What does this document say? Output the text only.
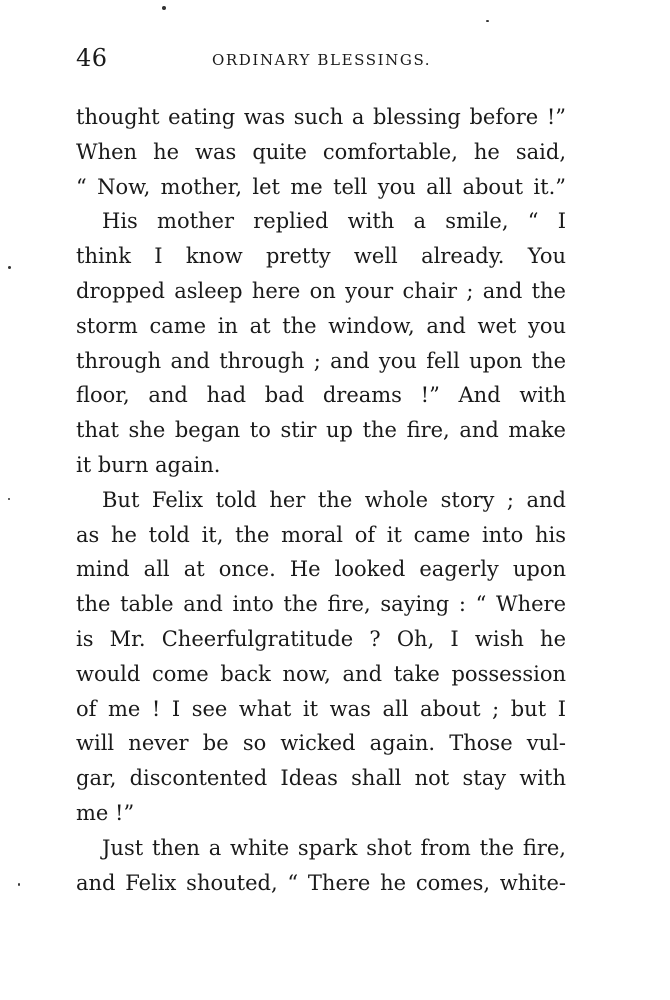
46	ORDINARY BLESSINGS.
thought eating was such a blessing before !”
When he was quite comfortable, he said,
“ Now, mother, let me tell you all about it.”
His mother replied with a smile, “ I
think I know pretty well already. You
dropped asleep here on your chair ; and the
storm came in at the window, and wet you
through and through ; and you fell upon the
floor, and had bad dreams !” And with
that she began to stir up the fire, and make
it burn again.
But Felix told her the whole story ; and
as he told it, the moral of it came into his
mind all at once. He looked eagerly upon
the table and into the fire, saying : “ Where
is Mr. Cheerfulgratitude ? Oh, I wish he
would come back now, and take possession
of me ! I see what it was all about ; but I
will never be so wicked again. Those vul-
gar, discontented Ideas shall not stay with
me !”
Just then a white spark shot from the fire,
and Felix shouted, “ There he comes, white-
